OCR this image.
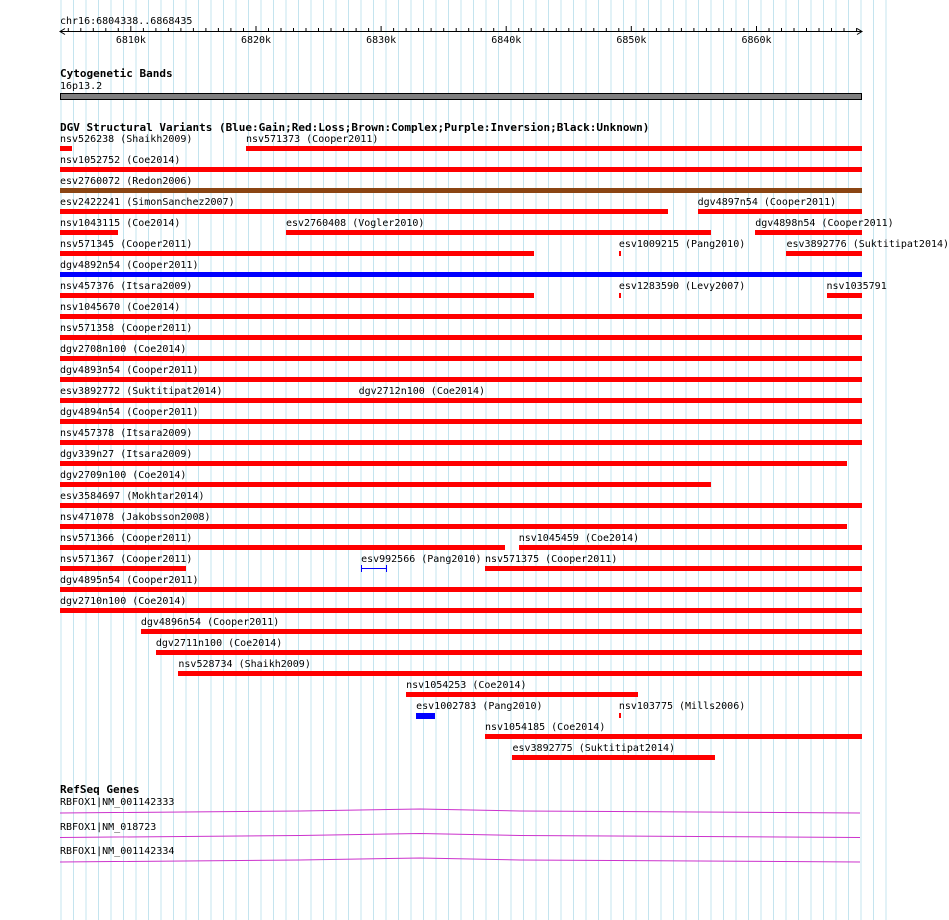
chr16:6804338..6868435
6810k	6820k	6830k	6840k	6850k	6860k
Cytogenetic Bands
16p13.2
DGV Structural Variants (Blue:Gain;Red:Loss;Brown:Complex;Purple:Inversion;Black:Unknown)
nsv526238 (Shaikh2009)	nsv571373 (Cooper2011)
nsv1052752 (Coe2014)
esv2760072 (Redon2006)
esv2422241 (SimonSanchez2007)	dgv4897n54 (Cooper2011)
nsv1043115 (Coe2014)	esv2760408 (Vogler2010)	dgv4898n54 (Cooper2011)
nsv571345 (Cooper2011)	esv1009215 (Pang2010)	esv3892776 (Suktitipat2014)
dgv4892n54 (Cooper2011)
nsv457376 (Itsara2009)	esv1283590 (Levy2007)	nsv1035791
nsv1045670 (Coe2014)
nsv571358 (Cooper2011)
dgv2708n100 (Coe2014)
dgv4893n54 (Cooper2011)
esv3892772 (Suktitipat2014)	dgv2712n100 (Coe2014)
dgv4894n54 (Cooper2011)
nsv457378 (Itsara2009)
dgv339n27 (Itsara2009)
dgv2709n100 (Coe2014)
esv3584697 (Mokhtar2014)
nsv471078 (Jakobsson2008)
nsv571366 (Cooper2011)	nsv1045459 (Coe2014)
nsv571367 (Cooper2011)	esv992566 (Pang2010) nsv571375 (Cooper2011)
dgv4895n54 (Cooper2011)
dgv2710n100 (Coe2014)
dgv4896n54 (Cooper2011)
dgv2711n100 (Coe2014)
nsv528734 (Shaikh2009)
nsv1054253 (Coe2014)
esv1002783 (Pang2010)	nsv103775 (Mills2006)
nsv1054185 (Coe2014)
esv3892775 (Suktitipat2014)
RefSeq Genes
RBFOX1|NM_001142333
RBFOX1|NM_018723
RBFOX1|NM_001142334
